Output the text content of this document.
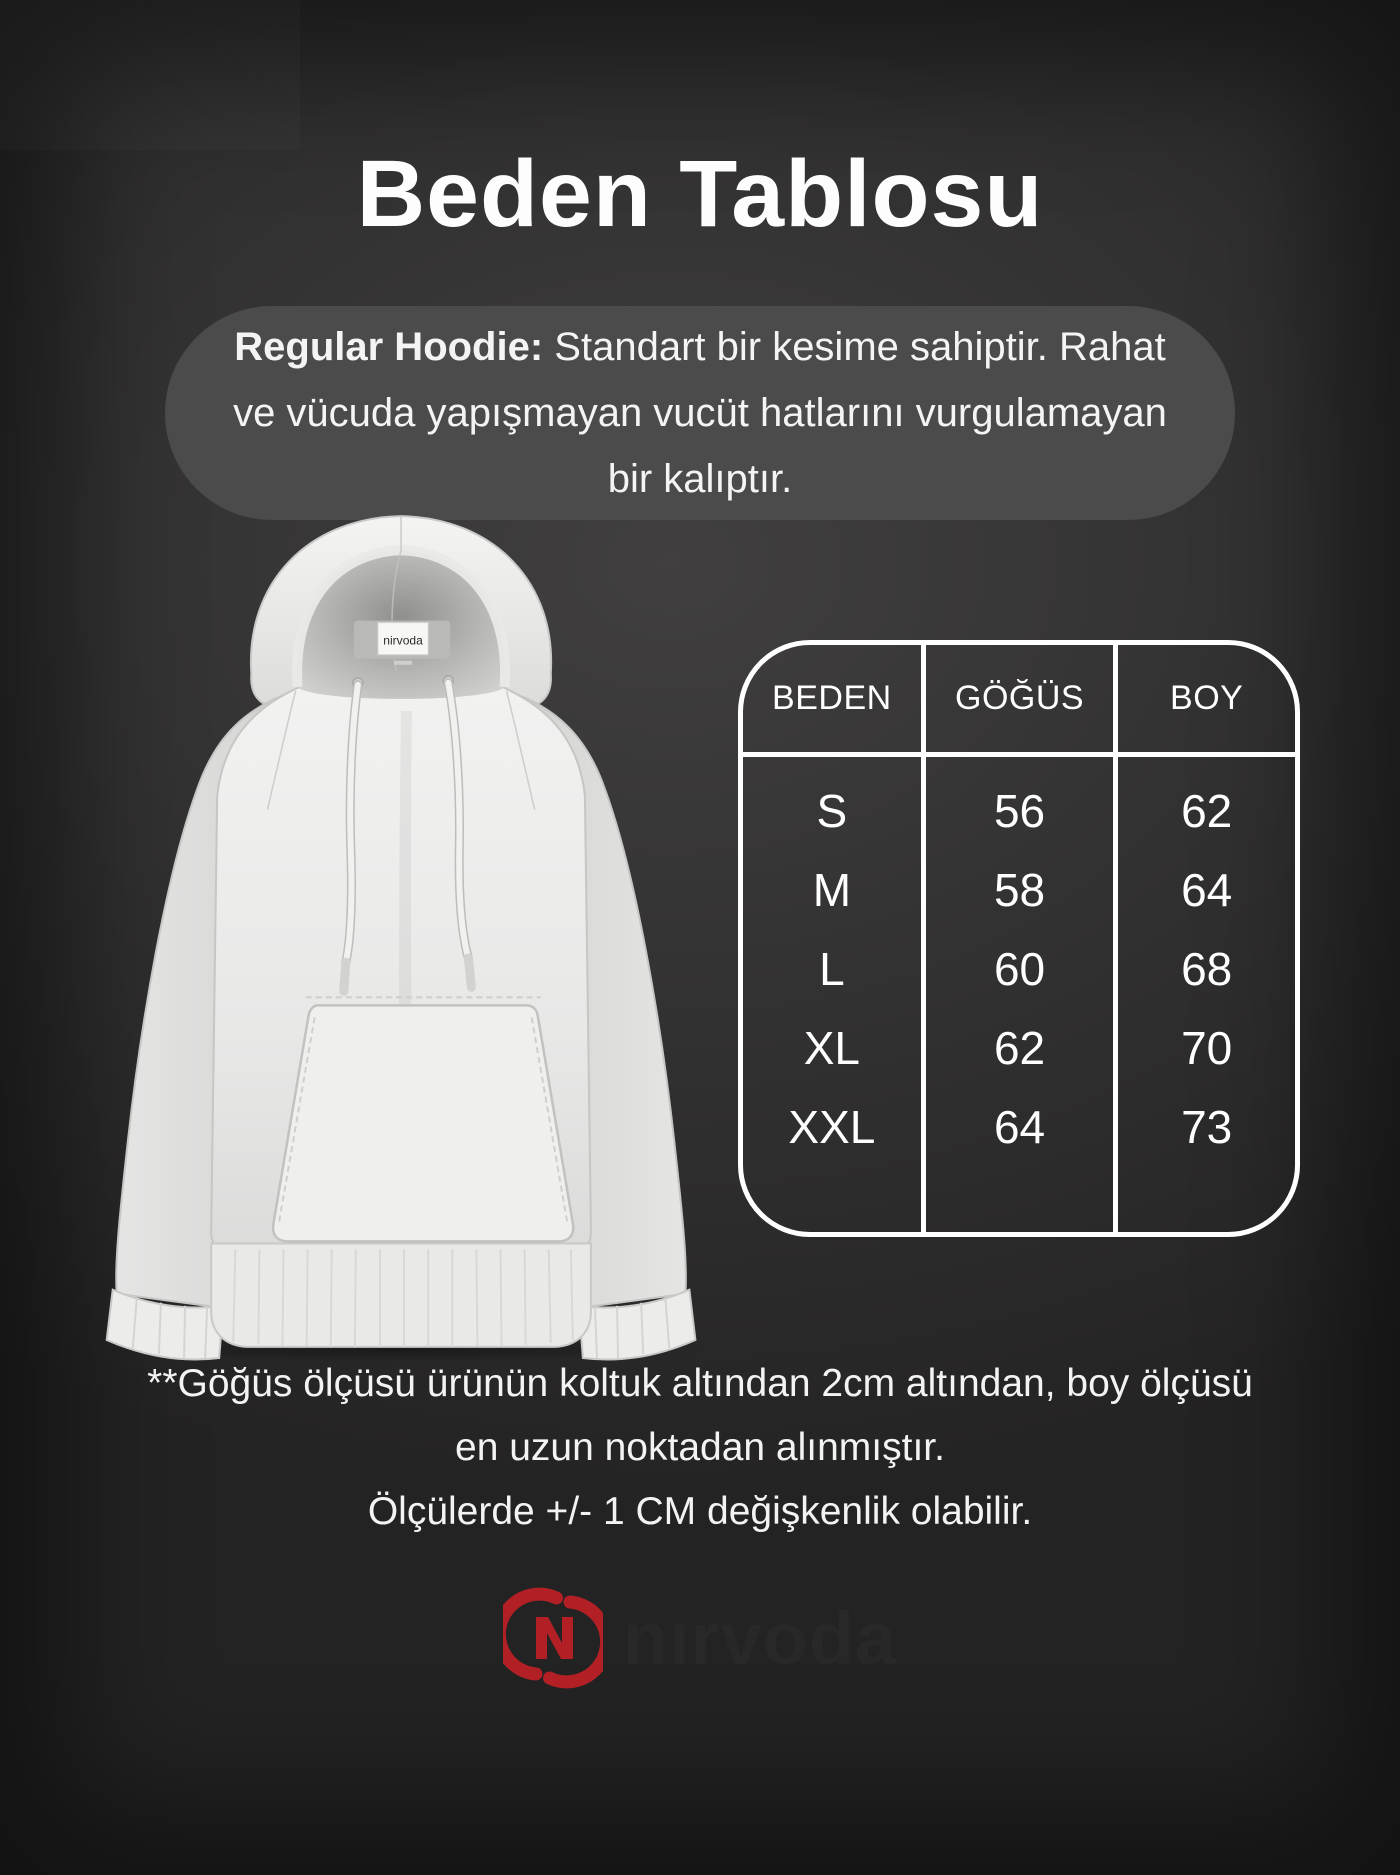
Beden Tablosu

Regular Hoodie: Standart bir kesime sahiptir. Rahat
ve vücuda yapışmayan vucüt hatlarını vurgulamayan
bir kalıptır.

nirvoda
BEDEN
S
M
L
XL
XXL
GÖĞÜS
56
58
60
62
64
BOY
62
64
68
70
73
**Göğüs ölçüsü ürünün koltuk altından 2cm altından, boy ölçüsü
en uzun noktadan alınmıştır.
Ölçülerde +/- 1 CM değişkenlik olabilir.
nırvoda
